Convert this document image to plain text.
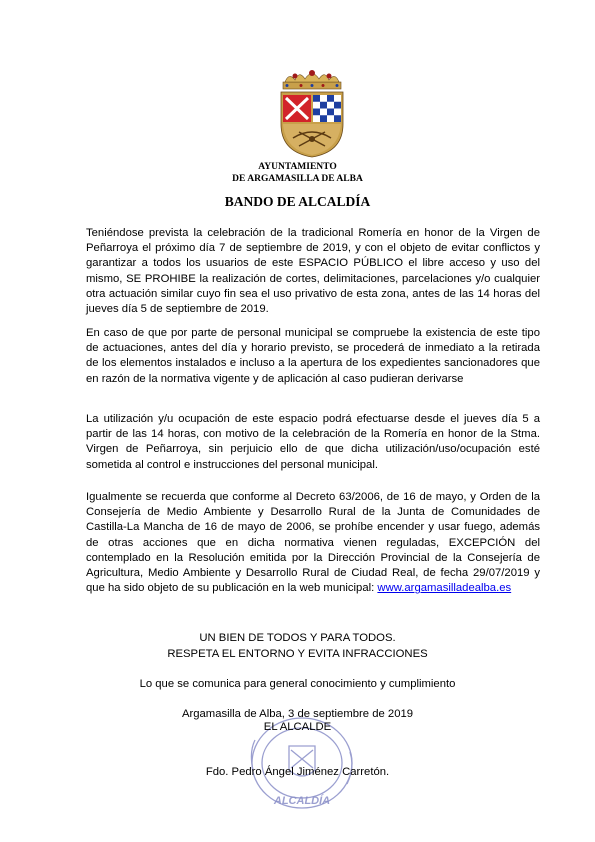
AYUNTAMIENTO
DE ARGAMASILLA DE ALBA
BANDO DE ALCALDÍA

Teniéndose prevista la celebración de la tradicional Romería en honor de la Virgen de Peñarroya el próximo día 7 de septiembre de 2019, y con el objeto de evitar conflictos y garantizar a todos los usuarios de este ESPACIO PÚBLICO el libre acceso y uso del mismo, SE PROHIBE la realización de cortes, delimitaciones, parcelaciones y/o cualquier otra actuación similar cuyo fin sea el uso privativo de esta zona, antes de las 14 horas del jueves día 5 de septiembre de 2019.

En caso de que por parte de personal municipal se compruebe la existencia de este tipo de actuaciones, antes del día y horario previsto, se procederá de inmediato a la retirada de los elementos instalados e incluso a la apertura de los expedientes sancionadores que en razón de la normativa vigente y de aplicación al caso pudieran derivarse

La utilización y/u ocupación de este espacio podrá efectuarse desde el jueves día 5 a partir de las 14 horas, con motivo de la celebración de la Romería en honor de la Stma. Virgen de Peñarroya, sin perjuicio ello de que dicha utilización/uso/ocupación esté sometida al control e instrucciones del personal municipal.

Igualmente se recuerda que conforme al Decreto 63/2006, de 16 de mayo, y Orden de la Consejería de Medio Ambiente y Desarrollo Rural de la Junta de Comunidades de Castilla-La Mancha de 16 de mayo de 2006, se prohíbe encender y usar fuego, además de otras acciones que en dicha normativa vienen reguladas, EXCEPCIÓN del contemplado en la Resolución emitida por la Dirección Provincial de la Consejería de Agricultura, Medio Ambiente y Desarrollo Rural de Ciudad Real, de fecha 29/07/2019 y que ha sido objeto de su publicación en la web municipal: www.argamasilladealba.es

ALCALDÍA
UN BIEN DE TODOS Y PARA TODOS.
RESPETA EL ENTORNO Y EVITA INFRACCIONES
Lo que se comunica para general conocimiento y cumplimiento
Argamasilla de Alba, 3 de septiembre de 2019
EL ALCALDE
Fdo. Pedro Ángel Jiménez Carretón.
